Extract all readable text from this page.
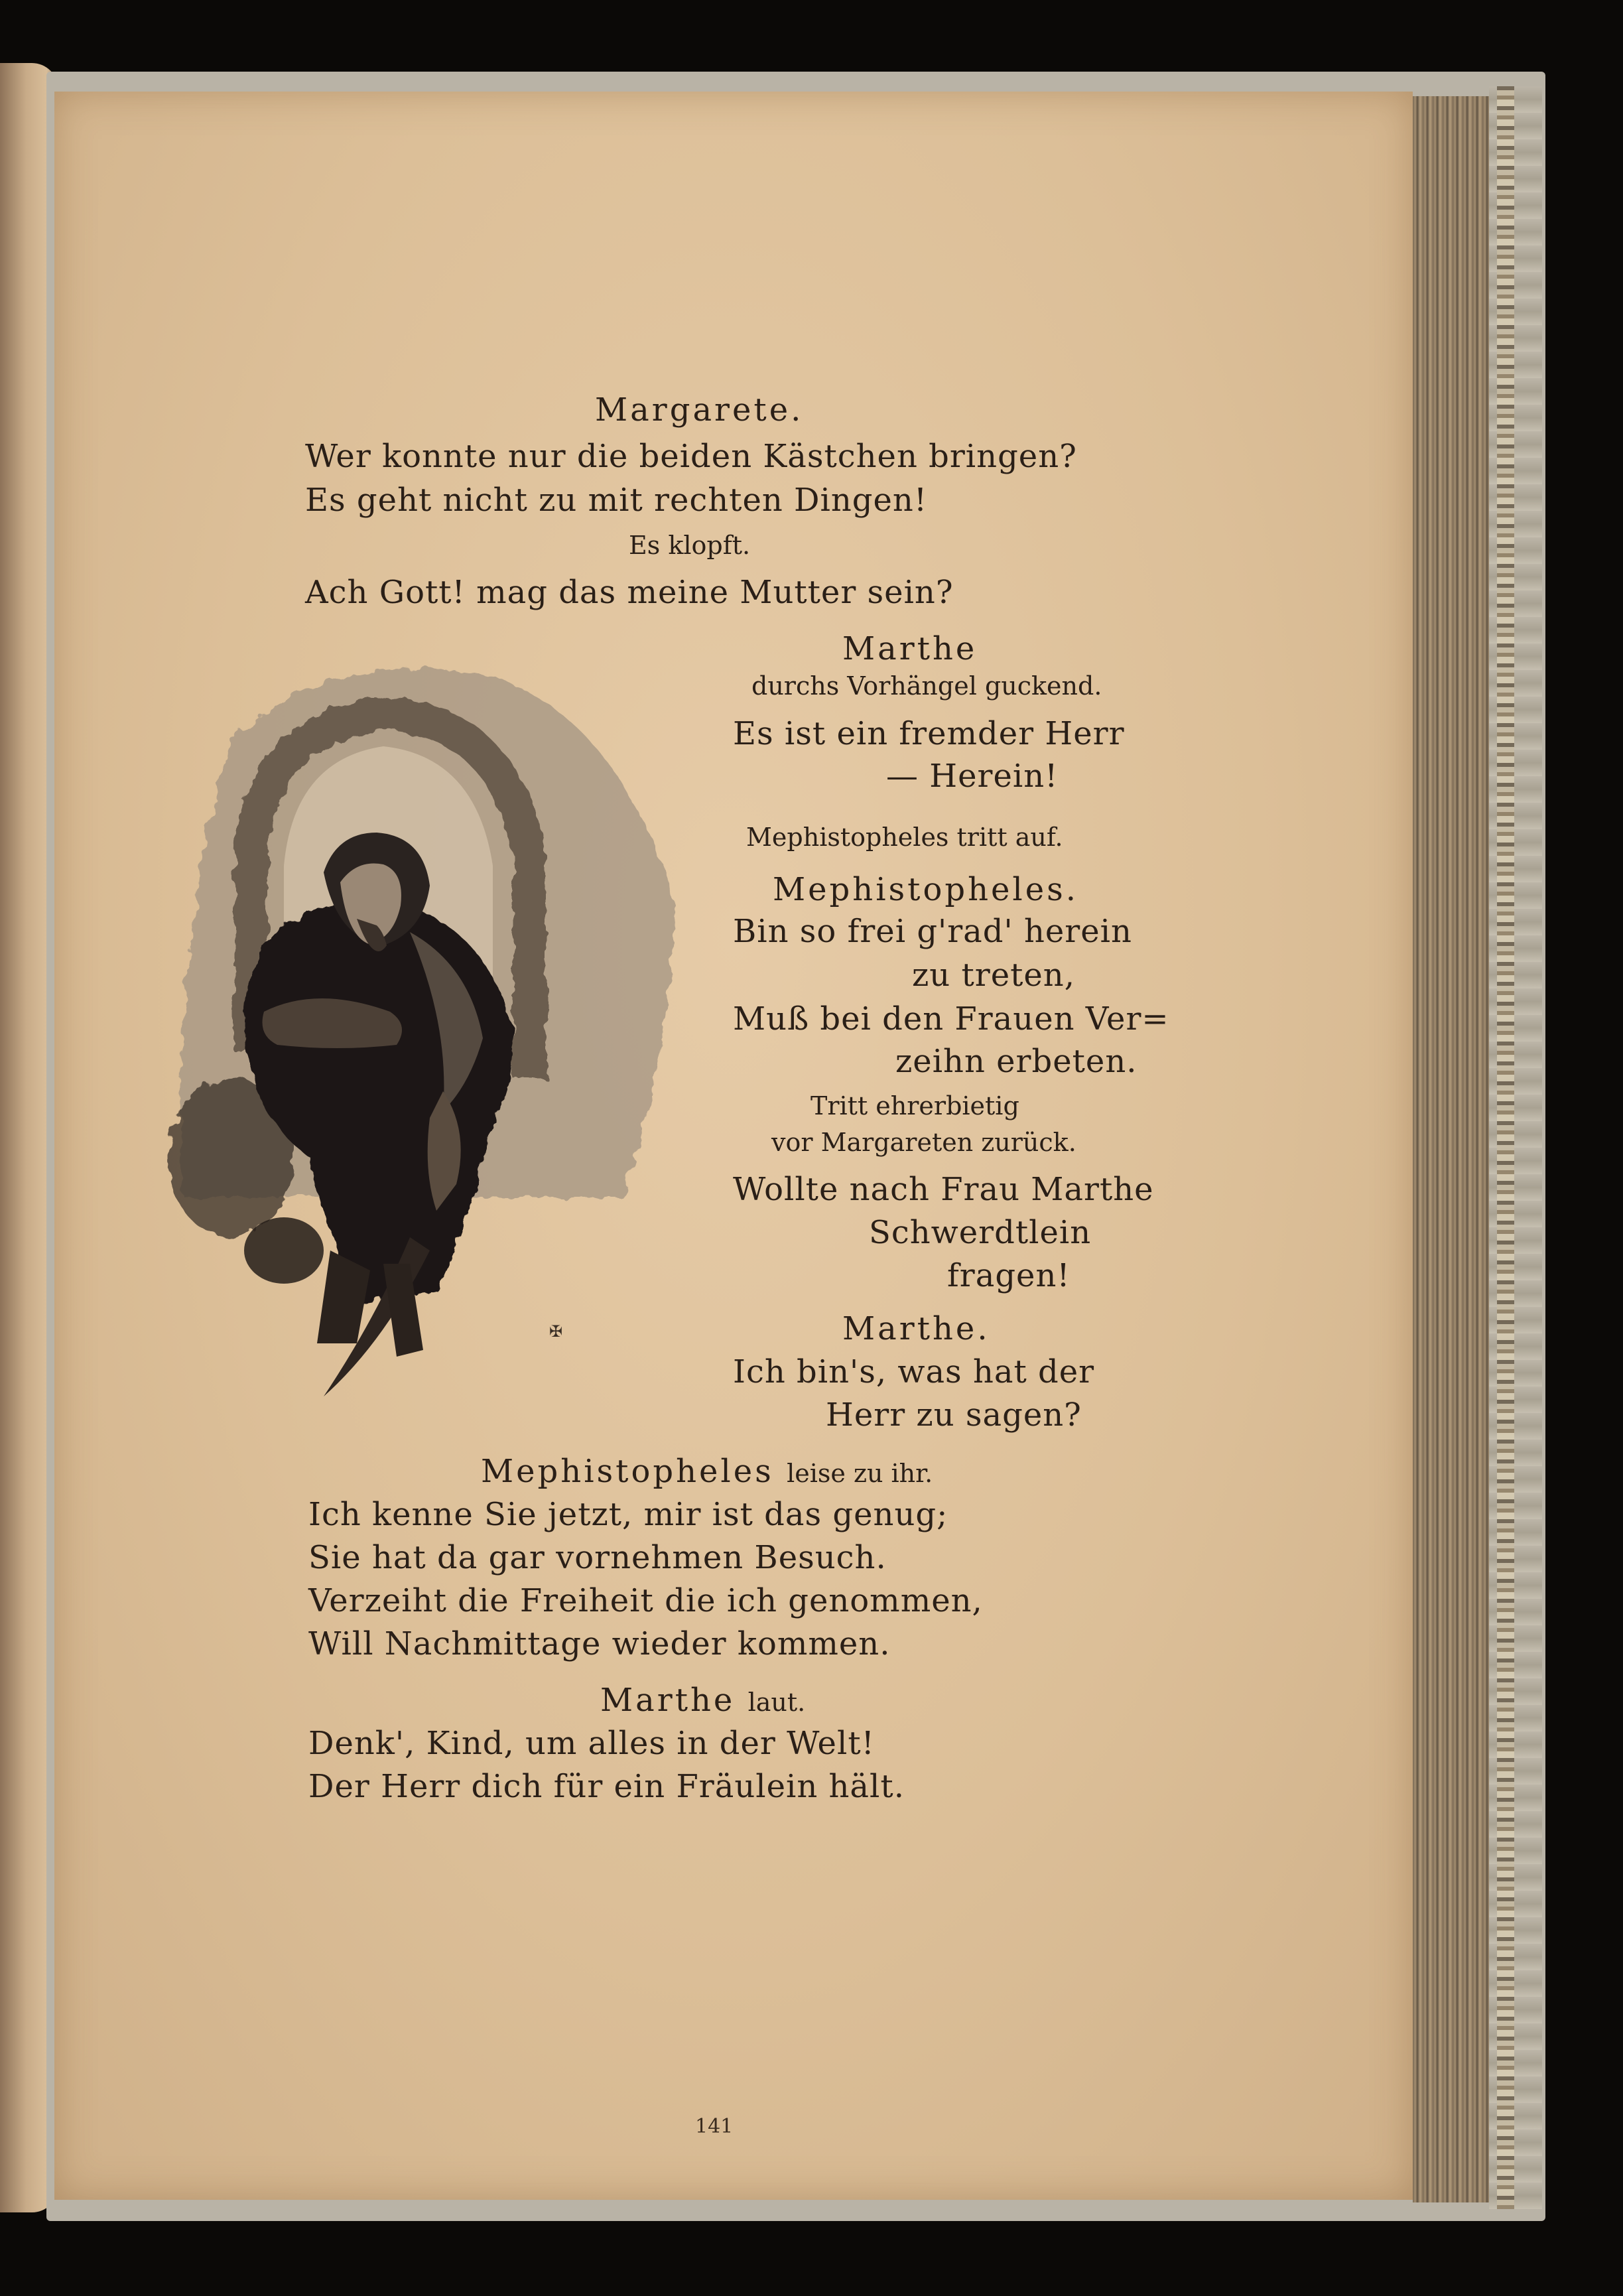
✠
Margarete.
Wer konnte nur die beiden Kästchen bringen?
Es geht nicht zu mit rechten Dingen!
Es klopft.
Ach Gott! mag das meine Mutter sein?
Marthe
durchs Vorhängel guckend.
Es ist ein fremder Herr
— Herein!
Mephistopheles tritt auf.
Mephistopheles.
Bin so frei g'rad' herein
zu treten,
Muß bei den Frauen Ver=
zeihn erbeten.
Tritt ehrerbietig
vor Margareten zurück.
Wollte nach Frau Marthe
Schwerdtlein
fragen!
Marthe.
Ich bin's, was hat der
Herr zu sagen?
Mephistopheles leise zu ihr.
Ich kenne Sie jetzt, mir ist das genug;
Sie hat da gar vornehmen Besuch.
Verzeiht die Freiheit die ich genommen,
Will Nachmittage wieder kommen.
Marthe laut.
Denk', Kind, um alles in der Welt!
Der Herr dich für ein Fräulein hält.
141
